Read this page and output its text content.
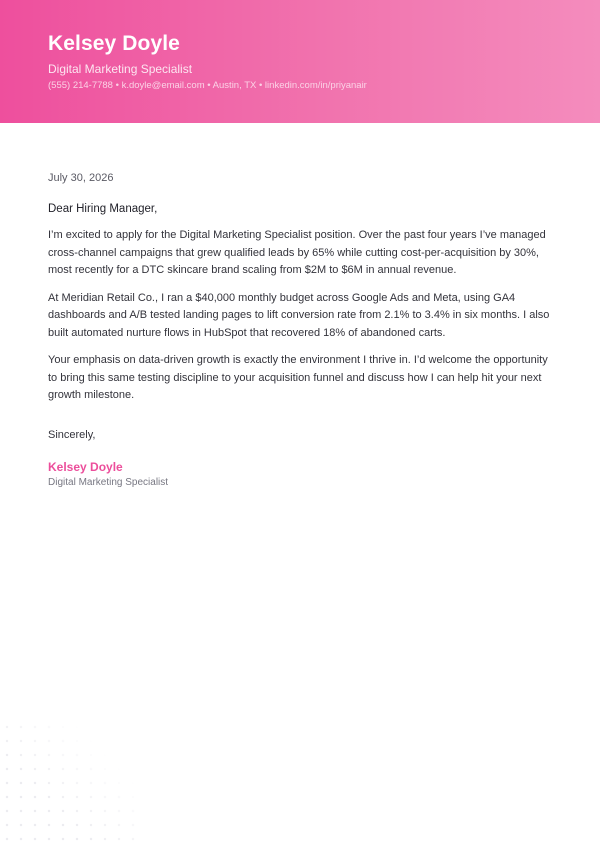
Kelsey Doyle
Digital Marketing Specialist
(555) 214-7788 • k.doyle@email.com • Austin, TX • linkedin.com/in/priyanair

July 30, 2026

Dear Hiring Manager,

I’m excited to apply for the Digital Marketing Specialist position. Over the past four years I’ve managed cross-channel campaigns that grew qualified leads by 65% while cutting cost-per-acquisition by 30%, most recently for a DTC skincare brand scaling from $2M to $6M in annual revenue.

At Meridian Retail Co., I ran a $40,000 monthly budget across Google Ads and Meta, using GA4 dashboards and A/B tested landing pages to lift conversion rate from 2.1% to 3.4% in six months. I also built automated nurture flows in HubSpot that recovered 18% of abandoned carts.

Your emphasis on data-driven growth is exactly the environment I thrive in. I’d welcome the opportunity to bring this same testing discipline to your acquisition funnel and discuss how I can help hit your next growth milestone.

Sincerely,

Kelsey Doyle

Digital Marketing Specialist
